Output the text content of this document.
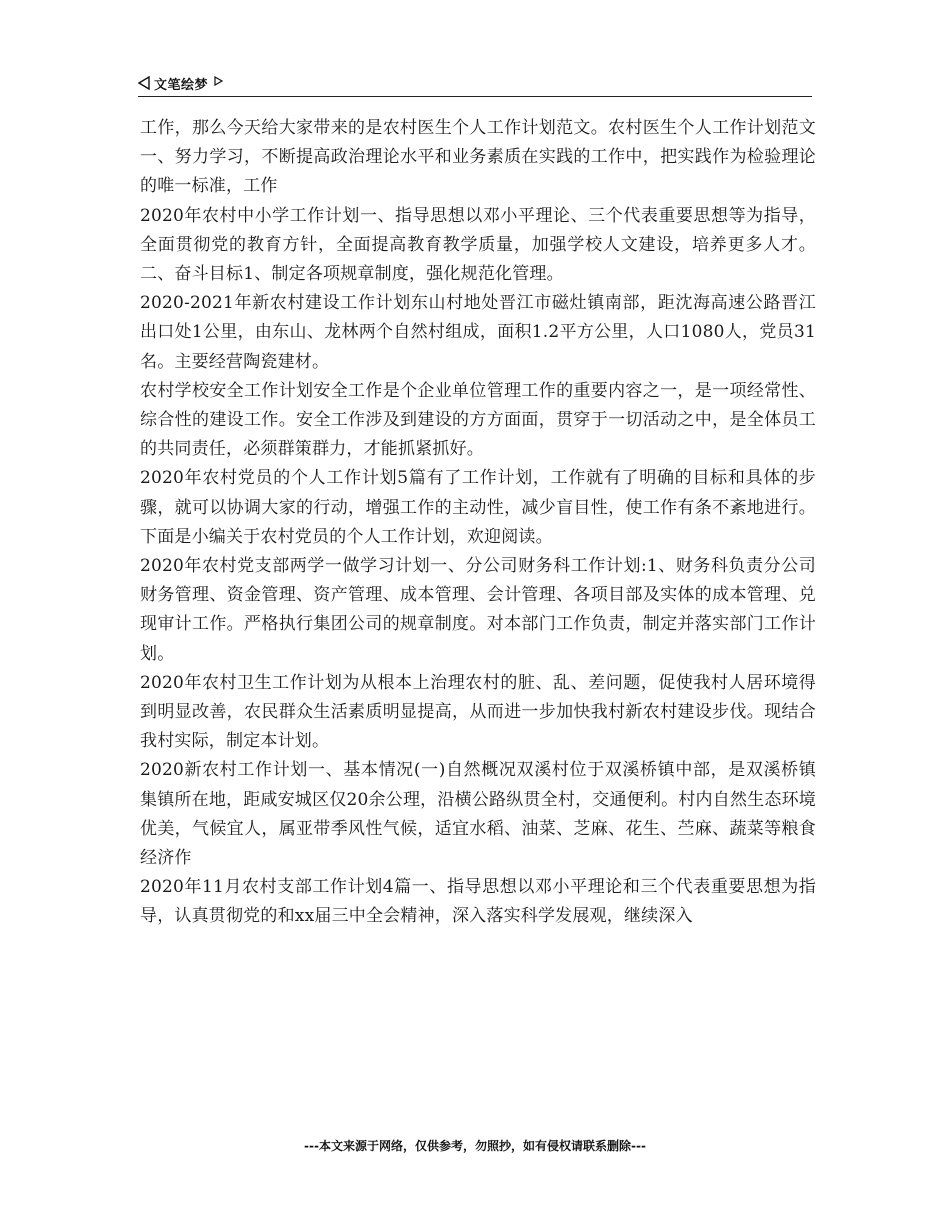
文笔绘梦

工作，那么今天给大家带来的是农村医生个人工作计划范文。农村医生个人工作计划范文一、努力学习，不断提高政治理论水平和业务素质在实践的工作中，把实践作为检验理论的唯一标准，工作

2020年农村中小学工作计划一、指导思想以邓小平理论、三个代表重要思想等为指导，全面贯彻党的教育方针，全面提高教育教学质量，加强学校人文建设，培养更多人才。二、奋斗目标1、制定各项规章制度，强化规范化管理。

2020-2021年新农村建设工作计划东山村地处晋江市磁灶镇南部，距沈海高速公路晋江出口处1公里，由东山、龙林两个自然村组成，面积1.2平方公里，人口1080人，党员31名。主要经营陶瓷建材。

农村学校安全工作计划安全工作是个企业单位管理工作的重要内容之一，是一项经常性、综合性的建设工作。安全工作涉及到建设的方方面面，贯穿于一切活动之中，是全体员工的共同责任，必须群策群力，才能抓紧抓好。

2020年农村党员的个人工作计划5篇有了工作计划，工作就有了明确的目标和具体的步骤，就可以协调大家的行动，增强工作的主动性，减少盲目性，使工作有条不紊地进行。下面是小编关于农村党员的个人工作计划，欢迎阅读。

2020年农村党支部两学一做学习计划一、分公司财务科工作计划:1、财务科负责分公司财务管理、资金管理、资产管理、成本管理、会计管理、各项目部及实体的成本管理、兑现审计工作。严格执行集团公司的规章制度。对本部门工作负责，制定并落实部门工作计划。

2020年农村卫生工作计划为从根本上治理农村的脏、乱、差问题，促使我村人居环境得到明显改善，农民群众生活素质明显提高，从而进一步加快我村新农村建设步伐。现结合我村实际，制定本计划。

2020新农村工作计划一、基本情况(一)自然概况双溪村位于双溪桥镇中部，是双溪桥镇集镇所在地，距咸安城区仅20余公理，沿横公路纵贯全村，交通便利。村内自然生态环境优美，气候宜人，属亚带季风性气候，适宜水稻、油菜、芝麻、花生、苎麻、蔬菜等粮食经济作

2020年11月农村支部工作计划4篇一、指导思想以邓小平理论和三个代表重要思想为指导，认真贯彻党的和xx届三中全会精神，深入落实科学发展观，继续深入

---本文来源于网络，仅供参考，勿照抄，如有侵权请联系删除---
